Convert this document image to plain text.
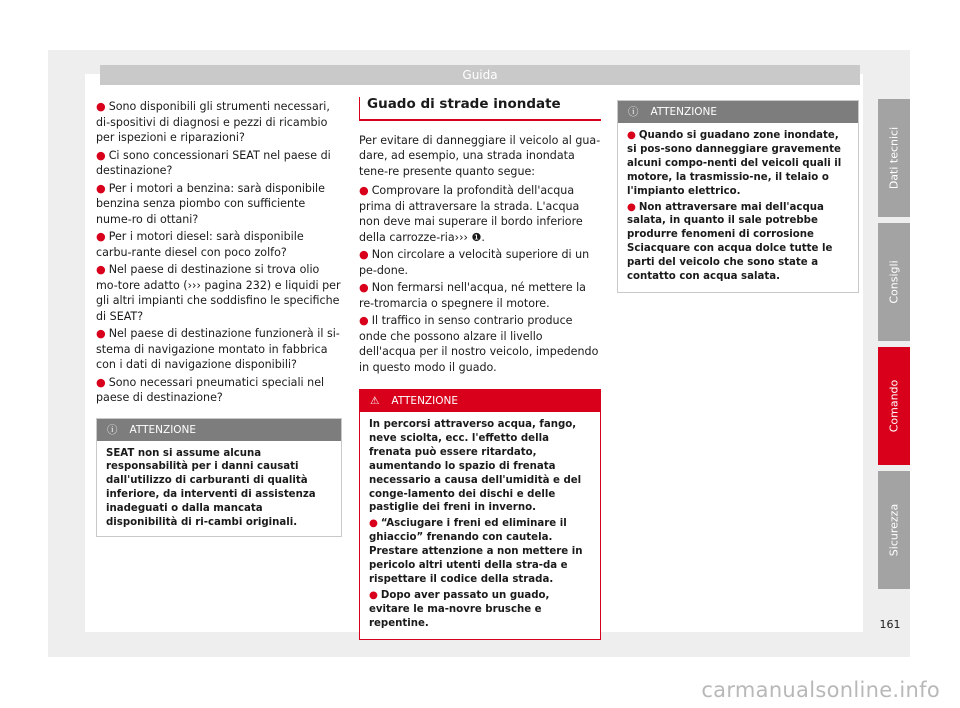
Guida
● Sono disponibili gli strumenti necessari, di-spositivi di diagnosi e pezzi di ricambio per ispezioni e riparazioni?
● Ci sono concessionari SEAT nel paese di destinazione?
● Per i motori a benzina: sarà disponibile benzina senza piombo con sufficiente nume-ro di ottani?
● Per i motori diesel: sarà disponibile carbu-rante diesel con poco zolfo?
● Nel paese di destinazione si trova olio mo-tore adatto (››› pagina 232) e liquidi per gli altri impianti che soddisfino le specifiche di SEAT?
● Nel paese di destinazione funzionerà il si-stema di navigazione montato in fabbrica con i dati di navigazione disponibili?
● Sono necessari pneumatici speciali nel paese di destinazione?
ⓘ ATTENZIONE
SEAT non si assume alcuna responsabilità per i danni causati dall'utilizzo di carburanti di qualità inferiore, da interventi di assistenza inadeguati o dalla mancata disponibilità di ri-cambi originali.
Guado di strade inondate
Per evitare di danneggiare il veicolo al gua-dare, ad esempio, una strada inondata tene-re presente quanto segue:
● Comprovare la profondità dell'acqua prima di attraversare la strada. L'acqua non deve mai superare il bordo inferiore della carrozze-ria››› ❶.
● Non circolare a velocità superiore di un pe-done.
● Non fermarsi nell'acqua, né mettere la re-tromarcia o spegnere il motore.
● Il traffico in senso contrario produce onde che possono alzare il livello dell'acqua per il nostro veicolo, impedendo in questo modo il guado.
⚠ ATTENZIONE
In percorsi attraverso acqua, fango, neve sciolta, ecc. l'effetto della frenata può essere ritardato, aumentando lo spazio di frenata necessario a causa dell'umidità e del conge-lamento dei dischi e delle pastiglie dei freni in inverno.
● “Asciugare i freni ed eliminare il ghiaccio” frenando con cautela. Prestare attenzione a non mettere in pericolo altri utenti della stra-da e rispettare il codice della strada.
● Dopo aver passato un guado, evitare le ma-novre brusche e repentine.
ⓘ ATTENZIONE
● Quando si guadano zone inondate, si pos-sono danneggiare gravemente alcuni compo-nenti del veicoli quali il motore, la trasmissio-ne, il telaio o l'impianto elettrico.
● Non attraversare mai dell'acqua salata, in quanto il sale potrebbe produrre fenomeni di corrosione Sciacquare con acqua dolce tutte le parti del veicolo che sono state a contatto con acqua salata.
Dati tecnici
Consigli
Comando
Sicurezza
161
carmanualsonline.info
